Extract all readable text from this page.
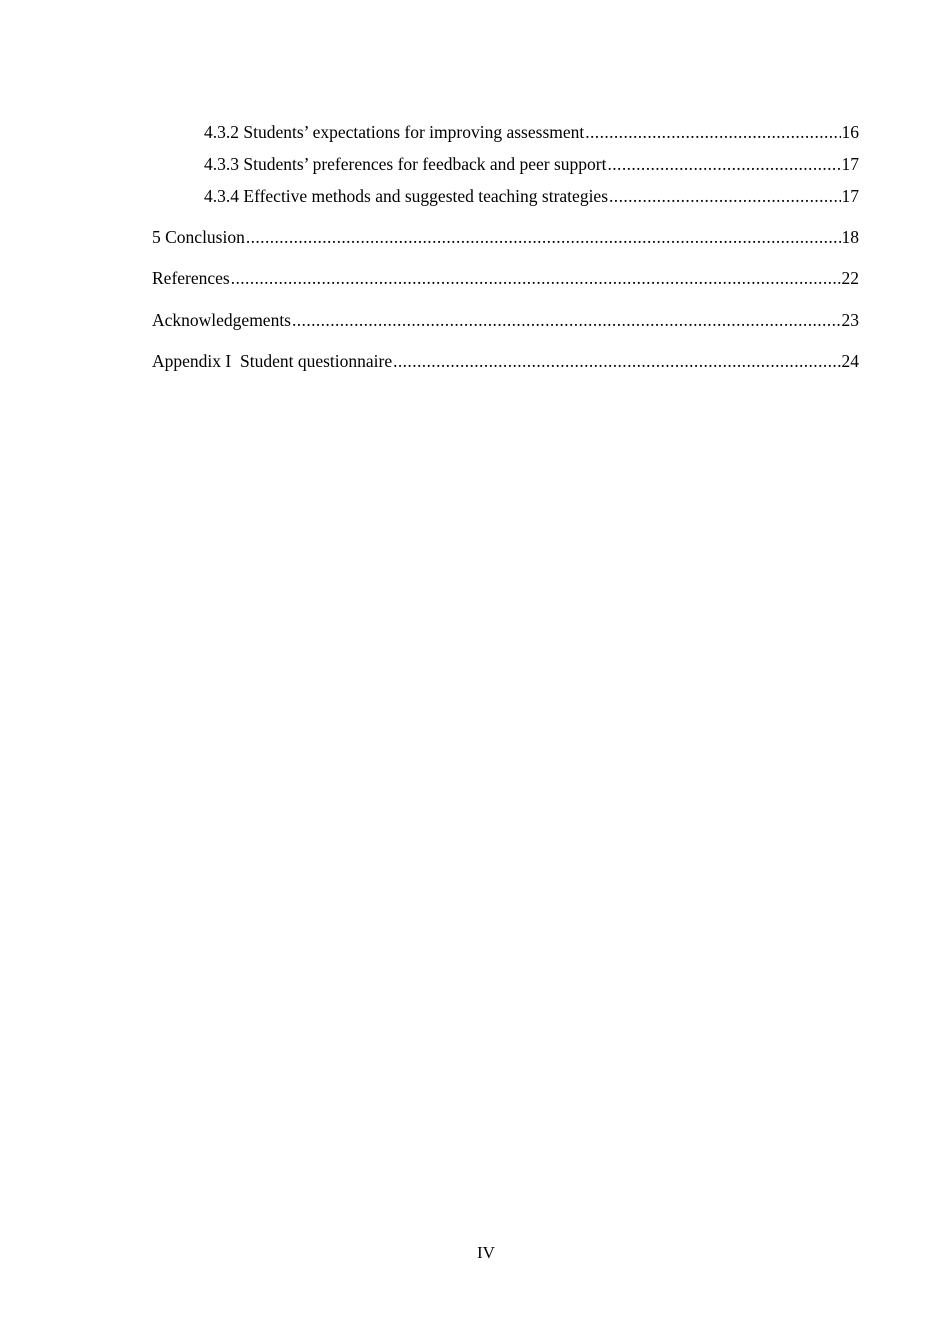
4.3.2 Students’ expectations for improving assessment .....	16
4.3.3 Students’ preferences for feedback and peer support .....	17
4.3.4 Effective methods and suggested teaching strategies .....	17
5 Conclusion .....	18
References .....	22
Acknowledgements .....	23
Appendix I  Student questionnaire .....	24
IV
